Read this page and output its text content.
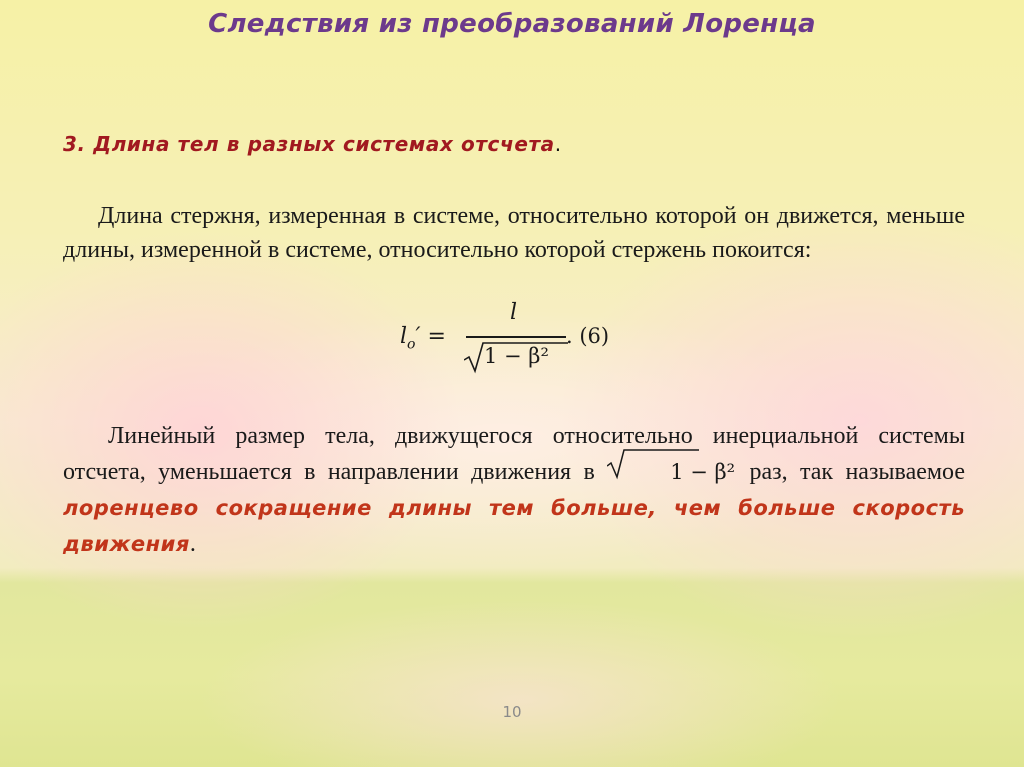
Следствия из преобразований Лоренца
3. Длина тел в разных системах отсчета.
Длина стержня, измеренная в системе, относительно которой он движется, меньше длины, измеренной в системе, относительно которой стержень покоится:
$l_o'$ =
l
1 − β²
. (6)
Линейный размер тела, движущегося относительно инерциальной системы отсчета, уменьшается в направлении движения в	1 − β² раз, так называемое лоренцево сокращение длины тем больше, чем больше скорость движения.
10
